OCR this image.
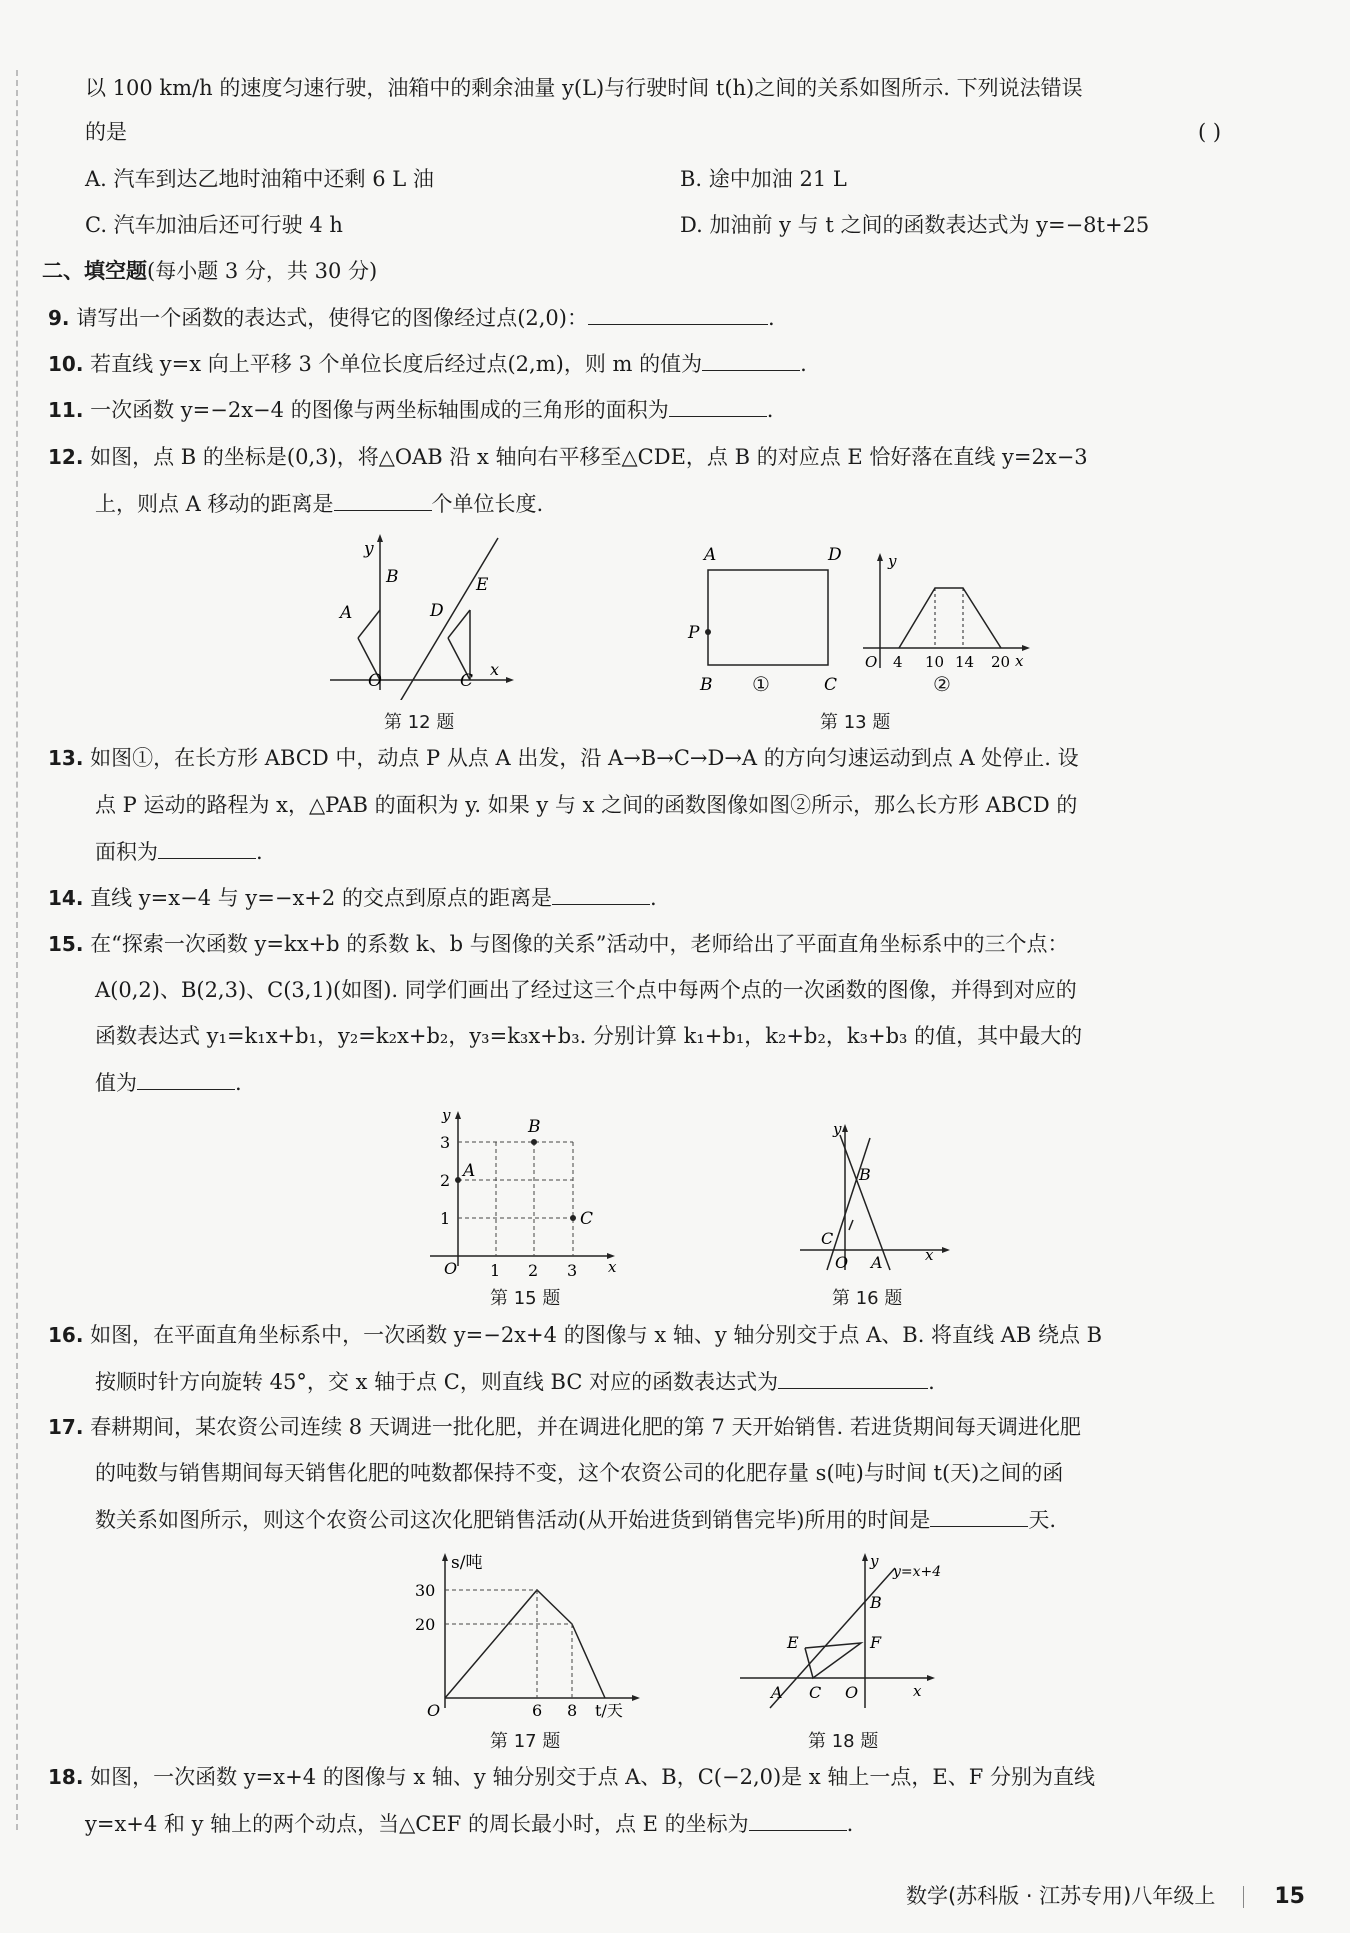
以 100 km/h 的速度匀速行驶，油箱中的剩余油量 y(L)与行驶时间 t(h)之间的关系如图所示. 下列说法错误
的是	( )
A. 汽车到达乙地时油箱中还剩 6 L 油	B. 途中加油 21 L
C. 汽车加油后还可行驶 4 h	D. 加油前 y 与 t 之间的函数表达式为 y=−8t+25
二、填空题(每小题 3 分，共 30 分)
9. 请写出一个函数的表达式，使得它的图像经过点(2,0)：	.
10. 若直线 y=x 向上平移 3 个单位长度后经过点(2,m)，则 m 的值为	.
11. 一次函数 y=−2x−4 的图像与两坐标轴围成的三角形的面积为	.
12. 如图，点 B 的坐标是(0,3)，将△OAB 沿 x 轴向右平移至△CDE，点 B 的对应点 E 恰好落在直线 y=2x−3
上，则点 A 移动的距离是	个单位长度.
y
B
A	D
E
O	C
x
第 12 题
A	D
P
B	C
①
y
O	x
4 10 14 20
②
第 13 题
13. 如图①，在长方形 ABCD 中，动点 P 从点 A 出发，沿 A→B→C→D→A 的方向匀速运动到点 A 处停止. 设
点 P 运动的路程为 x，△PAB 的面积为 y. 如果 y 与 x 之间的函数图像如图②所示，那么长方形 ABCD 的
面积为	.
14. 直线 y=x−4 与 y=−x+2 的交点到原点的距离是	.
15. 在“探索一次函数 y=kx+b 的系数 k、b 与图像的关系”活动中，老师给出了平面直角坐标系中的三个点：
A(0,2)、B(2,3)、C(3,1)(如图). 同学们画出了经过这三个点中每两个点的一次函数的图像，并得到对应的
函数表达式 y₁=k₁x+b₁，y₂=k₂x+b₂，y₃=k₃x+b₃. 分别计算 k₁+b₁，k₂+b₂，k₃+b₃ 的值，其中最大的
值为	.
y
O	x
1 2 3
1
2
3
A
B
C
第 15 题
y
B
C
O A	x
第 16 题
16. 如图，在平面直角坐标系中，一次函数 y=−2x+4 的图像与 x 轴、y 轴分别交于点 A、B. 将直线 AB 绕点 B
按顺时针方向旋转 45°，交 x 轴于点 C，则直线 BC 对应的函数表达式为	.
17. 春耕期间，某农资公司连续 8 天调进一批化肥，并在调进化肥的第 7 天开始销售. 若进货期间每天调进化肥
的吨数与销售期间每天销售化肥的吨数都保持不变，这个农资公司的化肥存量 s(吨)与时间 t(天)之间的函
数关系如图所示，则这个农资公司这次化肥销售活动(从开始进货到销售完毕)所用的时间是	天.
s/吨
30
20
O	6 8 t/天
第 17 题
y
y=x+4
B
E	F
A C O	x
第 18 题
18. 如图，一次函数 y=x+4 的图像与 x 轴、y 轴分别交于点 A、B，C(−2,0)是 x 轴上一点，E、F 分别为直线
y=x+4 和 y 轴上的两个动点，当△CEF 的周长最小时，点 E 的坐标为	.
数学(苏科版 · 江苏专用)八年级上	15
